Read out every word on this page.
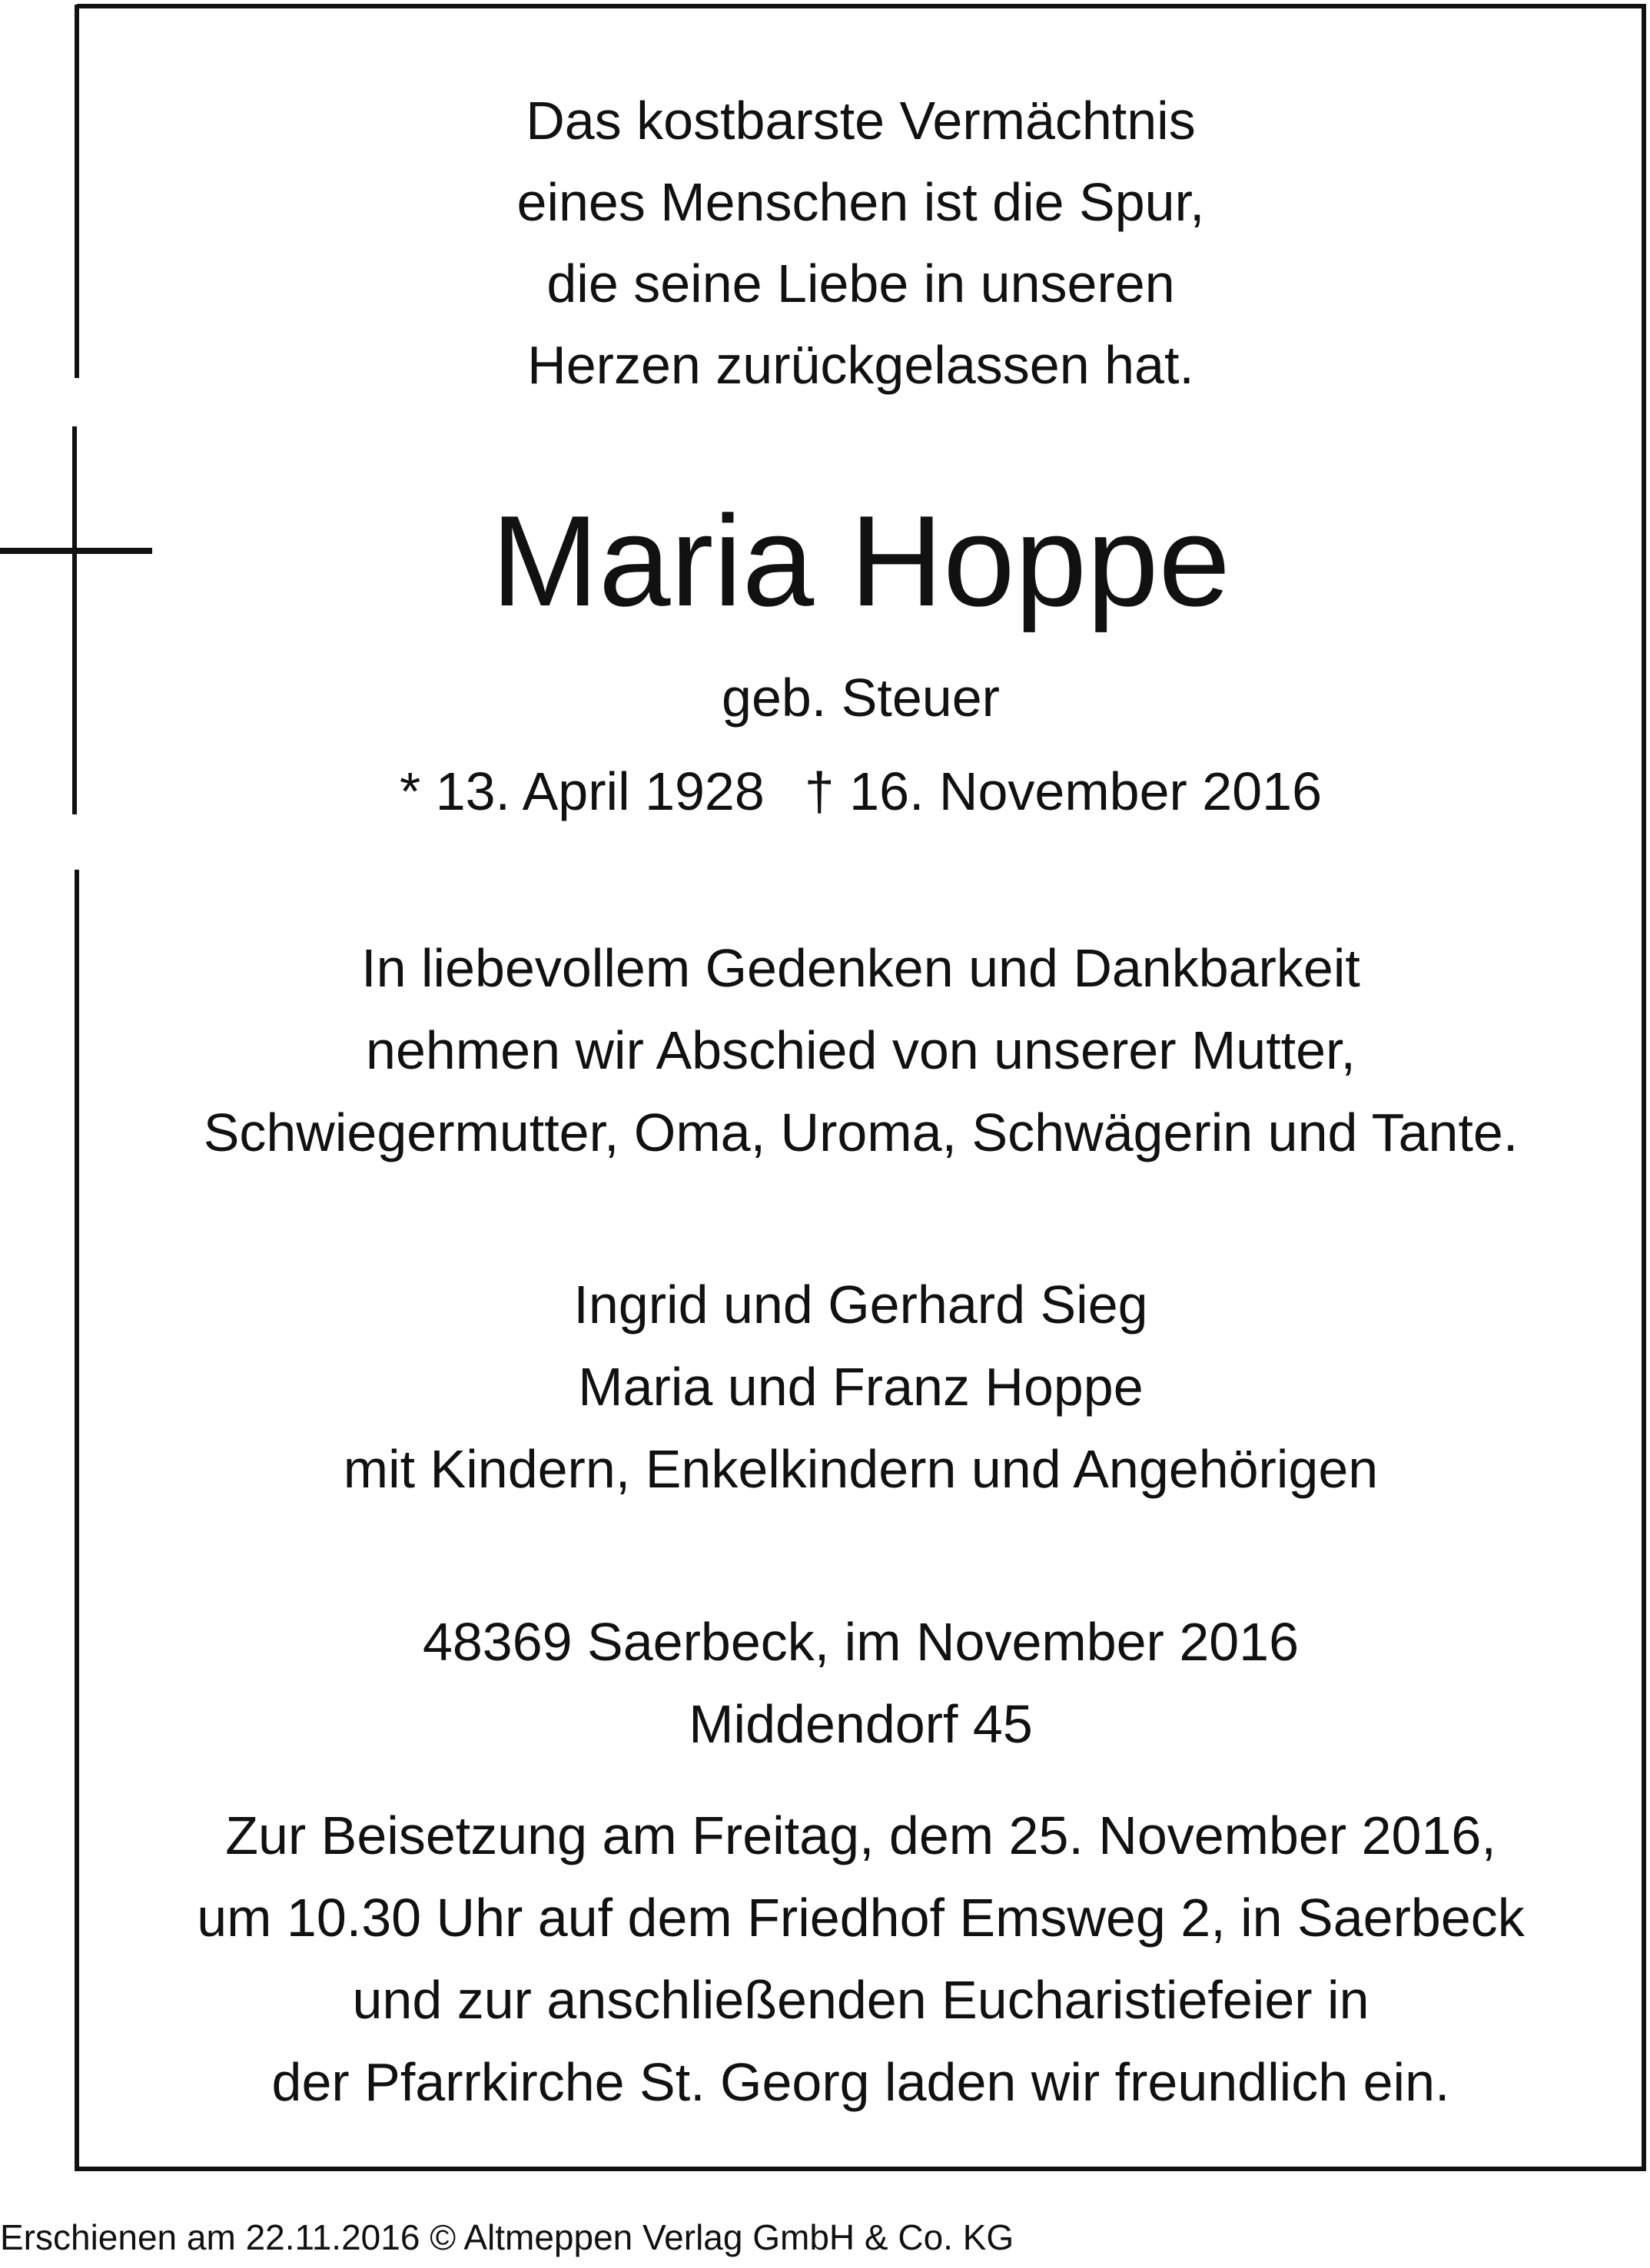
Das kostbarste Vermächtnis
eines Menschen ist die Spur,
die seine Liebe in unseren
Herzen zurückgelassen hat.
Maria Hoppe
geb. Steuer
* 13. April 1928 † 16. November 2016
In liebevollem Gedenken und Dankbarkeit
nehmen wir Abschied von unserer Mutter,
Schwiegermutter, Oma, Uroma, Schwägerin und Tante.
Ingrid und Gerhard Sieg
Maria und Franz Hoppe
mit Kindern, Enkelkindern und Angehörigen
48369 Saerbeck, im November 2016
Middendorf 45
Zur Beisetzung am Freitag, dem 25. November 2016,
um 10.30 Uhr auf dem Friedhof Emsweg 2, in Saerbeck
und zur anschließenden Eucharistiefeier in
der Pfarrkirche St. Georg laden wir freundlich ein.
Erschienen am 22.11.2016 © Altmeppen Verlag GmbH & Co. KG
